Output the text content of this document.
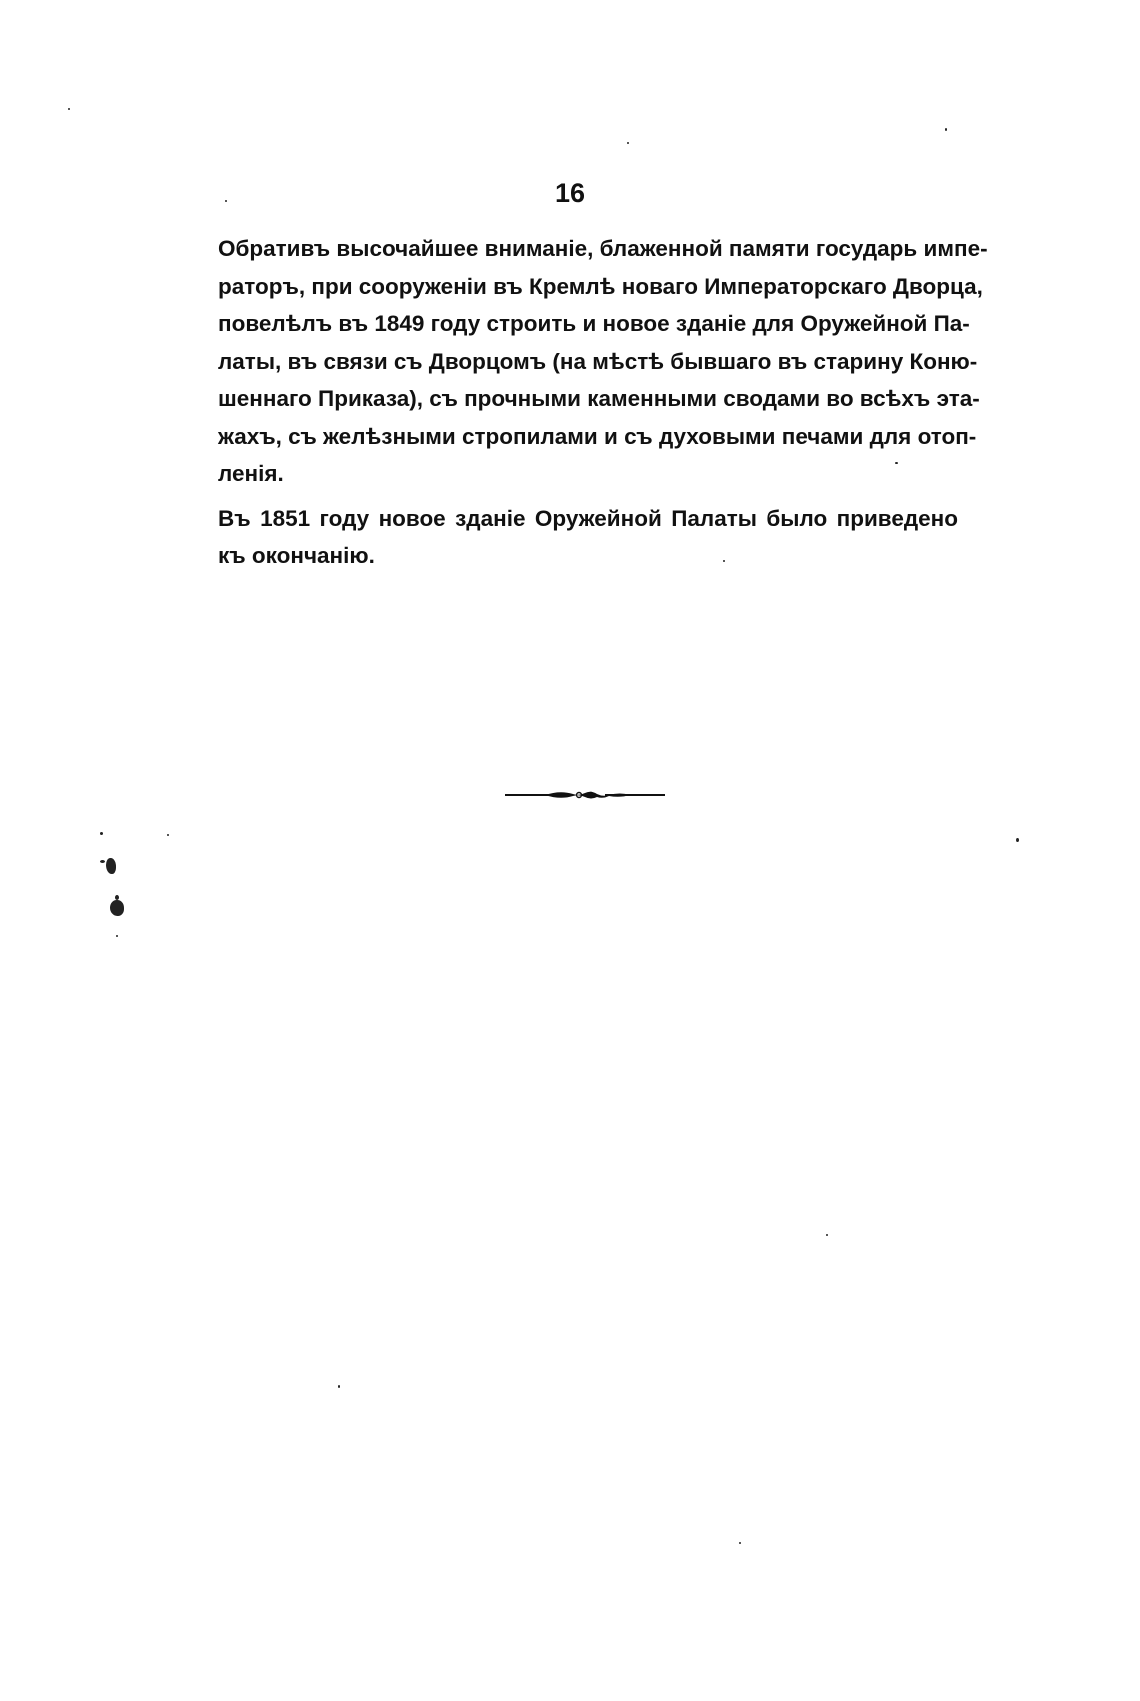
16
Обративъ высочайшее вниманіе, блаженной памяти государь импе-
раторъ, при сооруженіи въ Кремлѣ новаго Императорскаго Дворца,
повелѣлъ въ 1849 году строить и новое зданіе для Оружейной Па-
латы, въ связи съ Дворцомъ (на мѣстѣ бывшаго въ старину Коню-
шеннаго Приказа), съ прочными каменными сводами во всѣхъ эта-
жахъ, съ желѣзными стропилами и съ духовыми печами для отоп-
ленія.
Въ 1851 году новое зданіе Оружейной Палаты было приведено
къ окончанію.
